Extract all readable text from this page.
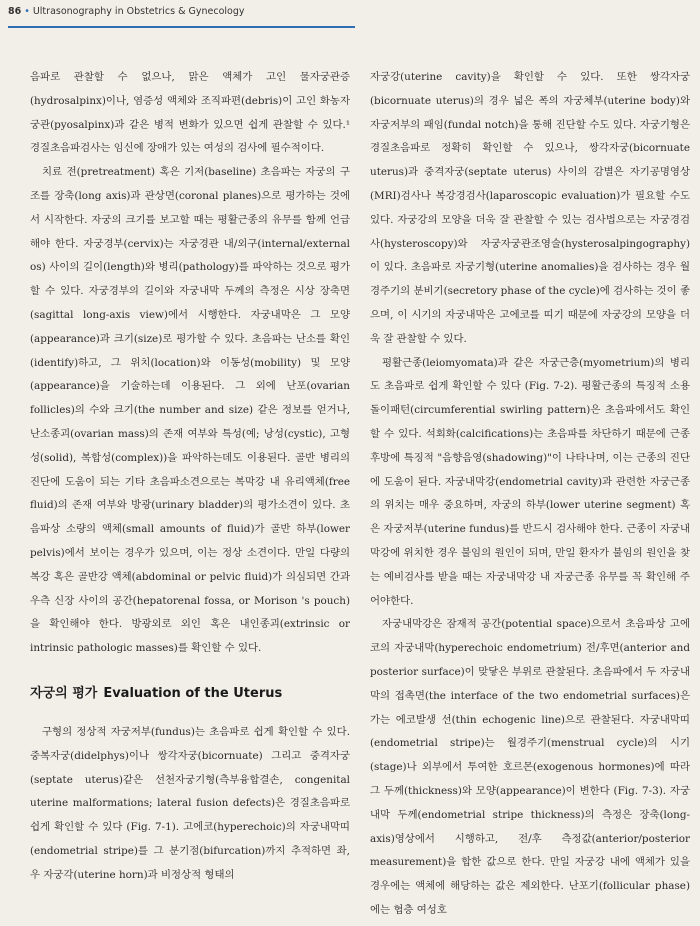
86 • Ultrasonography in Obstetrics & Gynecology

음파로 관찰할 수 없으나, 맑은 액체가 고인 물자궁관증(hydrosalpinx)이나, 염증성 액체와 조직파편(debris)이 고인 화농자궁관(pyosalpinx)과 같은 병적 변화가 있으면 쉽게 관찰할 수 있다.¹ 경질초음파검사는 임신에 장애가 있는 여성의 검사에 필수적이다.

치료 전(pretreatment) 혹은 기저(baseline) 초음파는 자궁의 구조를 장축(long axis)과 관상면(coronal planes)으로 평가하는 것에서 시작한다. 자궁의 크기를 보고할 때는 평활근종의 유무를 함께 언급해야 한다. 자궁경부(cervix)는 자궁경관 내/외구(internal/external os) 사이의 길이(length)와 병리(pathology)를 파악하는 것으로 평가할 수 있다. 자궁경부의 길이와 자궁내막 두께의 측정은 시상 장축면(sagittal long-axis view)에서 시행한다. 자궁내막은 그 모양(appearance)과 크기(size)로 평가할 수 있다. 초음파는 난소를 확인(identify)하고, 그 위치(location)와 이동성(mobility) 및 모양(appearance)을 기술하는데 이용된다. 그 외에 난포(ovarian follicles)의 수와 크기(the number and size) 같은 정보를 얻거나, 난소종괴(ovarian mass)의 존재 여부와 특성(예; 낭성(cystic), 고형성(solid), 복합성(complex))을 파악하는데도 이용된다. 골반 병리의 진단에 도움이 되는 기타 초음파소견으로는 복막강 내 유리액체(free fluid)의 존재 여부와 방광(urinary bladder)의 평가소견이 있다. 초음파상 소량의 액체(small amounts of fluid)가 골반 하부(lower pelvis)에서 보이는 경우가 있으며, 이는 정상 소견이다. 만일 다량의 복강 혹은 골반강 액체(abdominal or pelvic fluid)가 의심되면 간과 우측 신장 사이의 공간(hepatorenal fossa, or Morison 's pouch)을 확인해야 한다. 방광외로 외인 혹은 내인종괴(extrinsic or intrinsic pathologic masses)를 확인할 수 있다.

자궁의 평가 Evaluation of the Uterus

구형의 정상적 자궁저부(fundus)는 초음파로 쉽게 확인할 수 있다. 중복자궁(didelphys)이나 쌍각자궁(bicornuate) 그리고 중격자궁(septate uterus)같은 선천자궁기형(측부융합결손, congenital uterine malformations; lateral fusion defects)은 경질초음파로 쉽게 확인할 수 있다 (Fig. 7-1). 고에코(hyperechoic)의 자궁내막띠(endometrial stripe)를 그 분기점(bifurcation)까지 추적하면 좌, 우 자궁각(uterine horn)과 비정상적 형태의

자궁강(uterine cavity)을 확인할 수 있다. 또한 쌍각자궁(bicornuate uterus)의 경우 넓은 폭의 자궁체부(uterine body)와 자궁저부의 패임(fundal notch)을 통해 진단할 수도 있다. 자궁기형은 경질초음파로 정확히 확인할 수 있으나, 쌍각자궁(bicornuate uterus)과 중격자궁(septate uterus) 사이의 감별은 자기공명영상(MRI)검사나 복강경검사(laparoscopic evaluation)가 필요할 수도 있다. 자궁강의 모양을 더욱 잘 관찰할 수 있는 검사법으로는 자궁경검사(hysteroscopy)와 자궁자궁관조영술(hysterosalpingography)이 있다. 초음파로 자궁기형(uterine anomalies)을 검사하는 경우 월경주기의 분비기(secretory phase of the cycle)에 검사하는 것이 좋으며, 이 시기의 자궁내막은 고에코를 띠기 때문에 자궁강의 모양을 더욱 잘 관찰할 수 있다.

평활근종(leiomyomata)과 같은 자궁근층(myometrium)의 병리도 초음파로 쉽게 확인할 수 있다 (Fig. 7-2). 평활근종의 특징적 소용돌이패턴(circumferential swirling pattern)은 초음파에서도 확인할 수 있다. 석회화(calcifications)는 초음파를 차단하기 때문에 근종 후방에 특징적 "음향음영(shadowing)"이 나타나며, 이는 근종의 진단에 도움이 된다. 자궁내막강(endometrial cavity)과 관련한 자궁근종의 위치는 매우 중요하며, 자궁의 하부(lower uterine segment) 혹은 자궁저부(uterine fundus)를 반드시 검사해야 한다. 근종이 자궁내막강에 위치한 경우 불임의 원인이 되며, 만일 환자가 불임의 원인을 찾는 예비검사를 받을 때는 자궁내막강 내 자궁근종 유무를 꼭 확인해 주어야한다.

자궁내막강은 잠재적 공간(potential space)으로서 초음파상 고에코의 자궁내막(hyperechoic endometrium) 전/후면(anterior and posterior surface)이 맞닿은 부위로 관찰된다. 초음파에서 두 자궁내막의 접촉면(the interface of the two endometrial surfaces)은 가는 에코발생 선(thin echogenic line)으로 관찰된다. 자궁내막띠(endometrial stripe)는 월경주기(menstrual cycle)의 시기(stage)나 외부에서 투여한 호르몬(exogenous hormones)에 따라 그 두께(thickness)와 모양(appearance)이 변한다 (Fig. 7-3). 자궁내막 두께(endometrial stripe thickness)의 측정은 장축(long-axis)영상에서 시행하고, 전/후 측정값(anterior/posterior measurement)을 합한 값으로 한다. 만일 자궁강 내에 액체가 있을 경우에는 액체에 해당하는 값은 제외한다. 난포기(follicular phase)에는 협층 여성호
